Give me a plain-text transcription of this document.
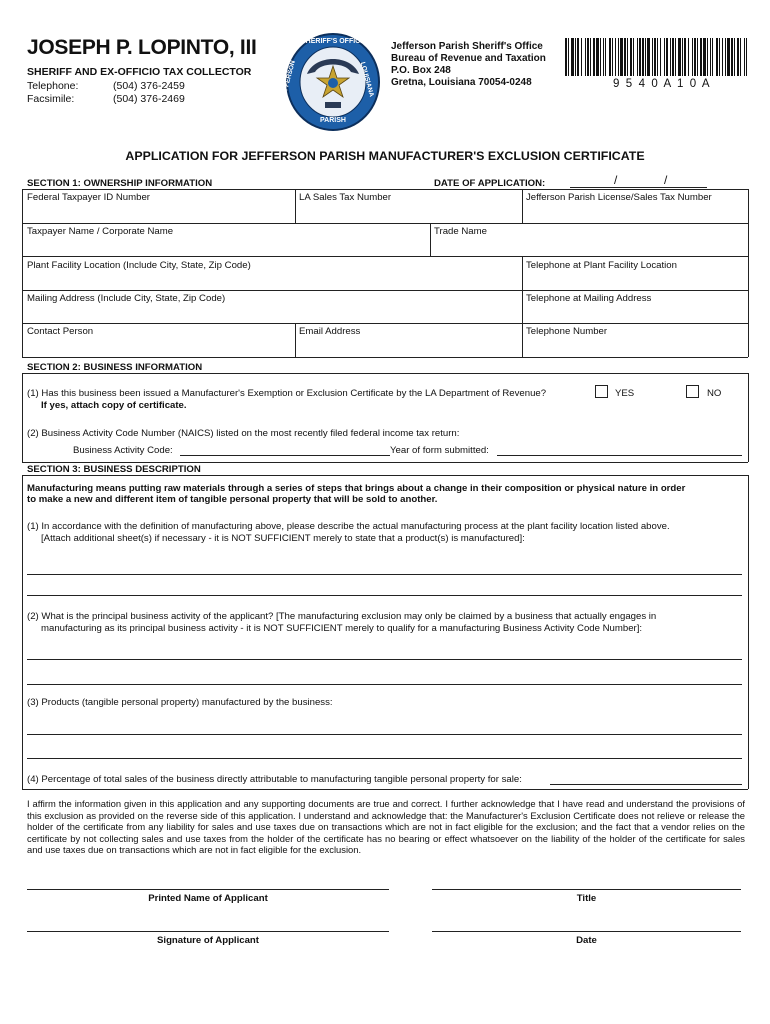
JOSEPH P. LOPINTO, III
SHERIFF AND EX-OFFICIO TAX COLLECTOR
Telephone:	(504) 376-2459
Facsimile:	(504) 376-2469
SHERIFF'S OFFICE
JEFFERSON	LOUISIANA
PARISH
Jefferson Parish Sheriff's Office
Bureau of Revenue and Taxation
P.O. Box 248
Gretna, Louisiana 70054-0248	9 5 4 0 A 1 0 A
APPLICATION FOR JEFFERSON PARISH MANUFACTURER'S EXCLUSION CERTIFICATE
SECTION 1: OWNERSHIP INFORMATION	DATE OF APPLICATION:	/	/
Federal Taxpayer ID Number	LA Sales Tax Number	Jefferson Parish License/Sales Tax Number
Taxpayer Name / Corporate Name	Trade Name
Plant Facility Location (Include City, State, Zip Code)	Telephone at Plant Facility Location
Mailing Address (Include City, State, Zip Code)	Telephone at Mailing Address
Contact Person	Email Address	Telephone Number
SECTION 2: BUSINESS INFORMATION
(1) Has this business been issued a Manufacturer's Exemption or Exclusion Certificate by the LA Department of Revenue?
If yes, attach copy of certificate.
YES	NO
(2) Business Activity Code Number (NAICS) listed on the most recently filed federal income tax return:
Business Activity Code:	Year of form submitted:
SECTION 3: BUSINESS DESCRIPTION
Manufacturing means putting raw materials through a series of steps that brings about a change in their composition or physical nature in order
to make a new and different item of tangible personal property that will be sold to another.
(1) In accordance with the definition of manufacturing above, please describe the actual manufacturing process at the plant facility location listed above.
[Attach additional sheet(s) if necessary - it is NOT SUFFICIENT merely to state that a product(s) is manufactured]:
(2) What is the principal business activity of the applicant? [The manufacturing exclusion may only be claimed by a business that actually engages in
manufacturing as its principal business activity - it is NOT SUFFICIENT merely to qualify for a manufacturing Business Activity Code Number]:
(3) Products (tangible personal property) manufactured by the business:
(4) Percentage of total sales of the business directly attributable to manufacturing tangible personal property for sale:
I affirm the information given in this application and any supporting documents are true and correct. I further acknowledge that I have read and understand the provisions of this exclusion as provided on the reverse side of this application. I understand and acknowledge that: the Manufacturer's Exclusion Certificate does not relieve or release the holder of the certificate from any liability for sales and use taxes due on transactions which are not in fact eligible for the exclusion; and the fact that a vendor relies on the certificate by not collecting sales and use taxes from the holder of the certificate has no bearing or effect whatsoever on the liability of the holder of the certificate for sales and use taxes due on transactions which are not in fact eligible for the exclusion.
Printed Name of Applicant	Title
Signature of Applicant	Date
